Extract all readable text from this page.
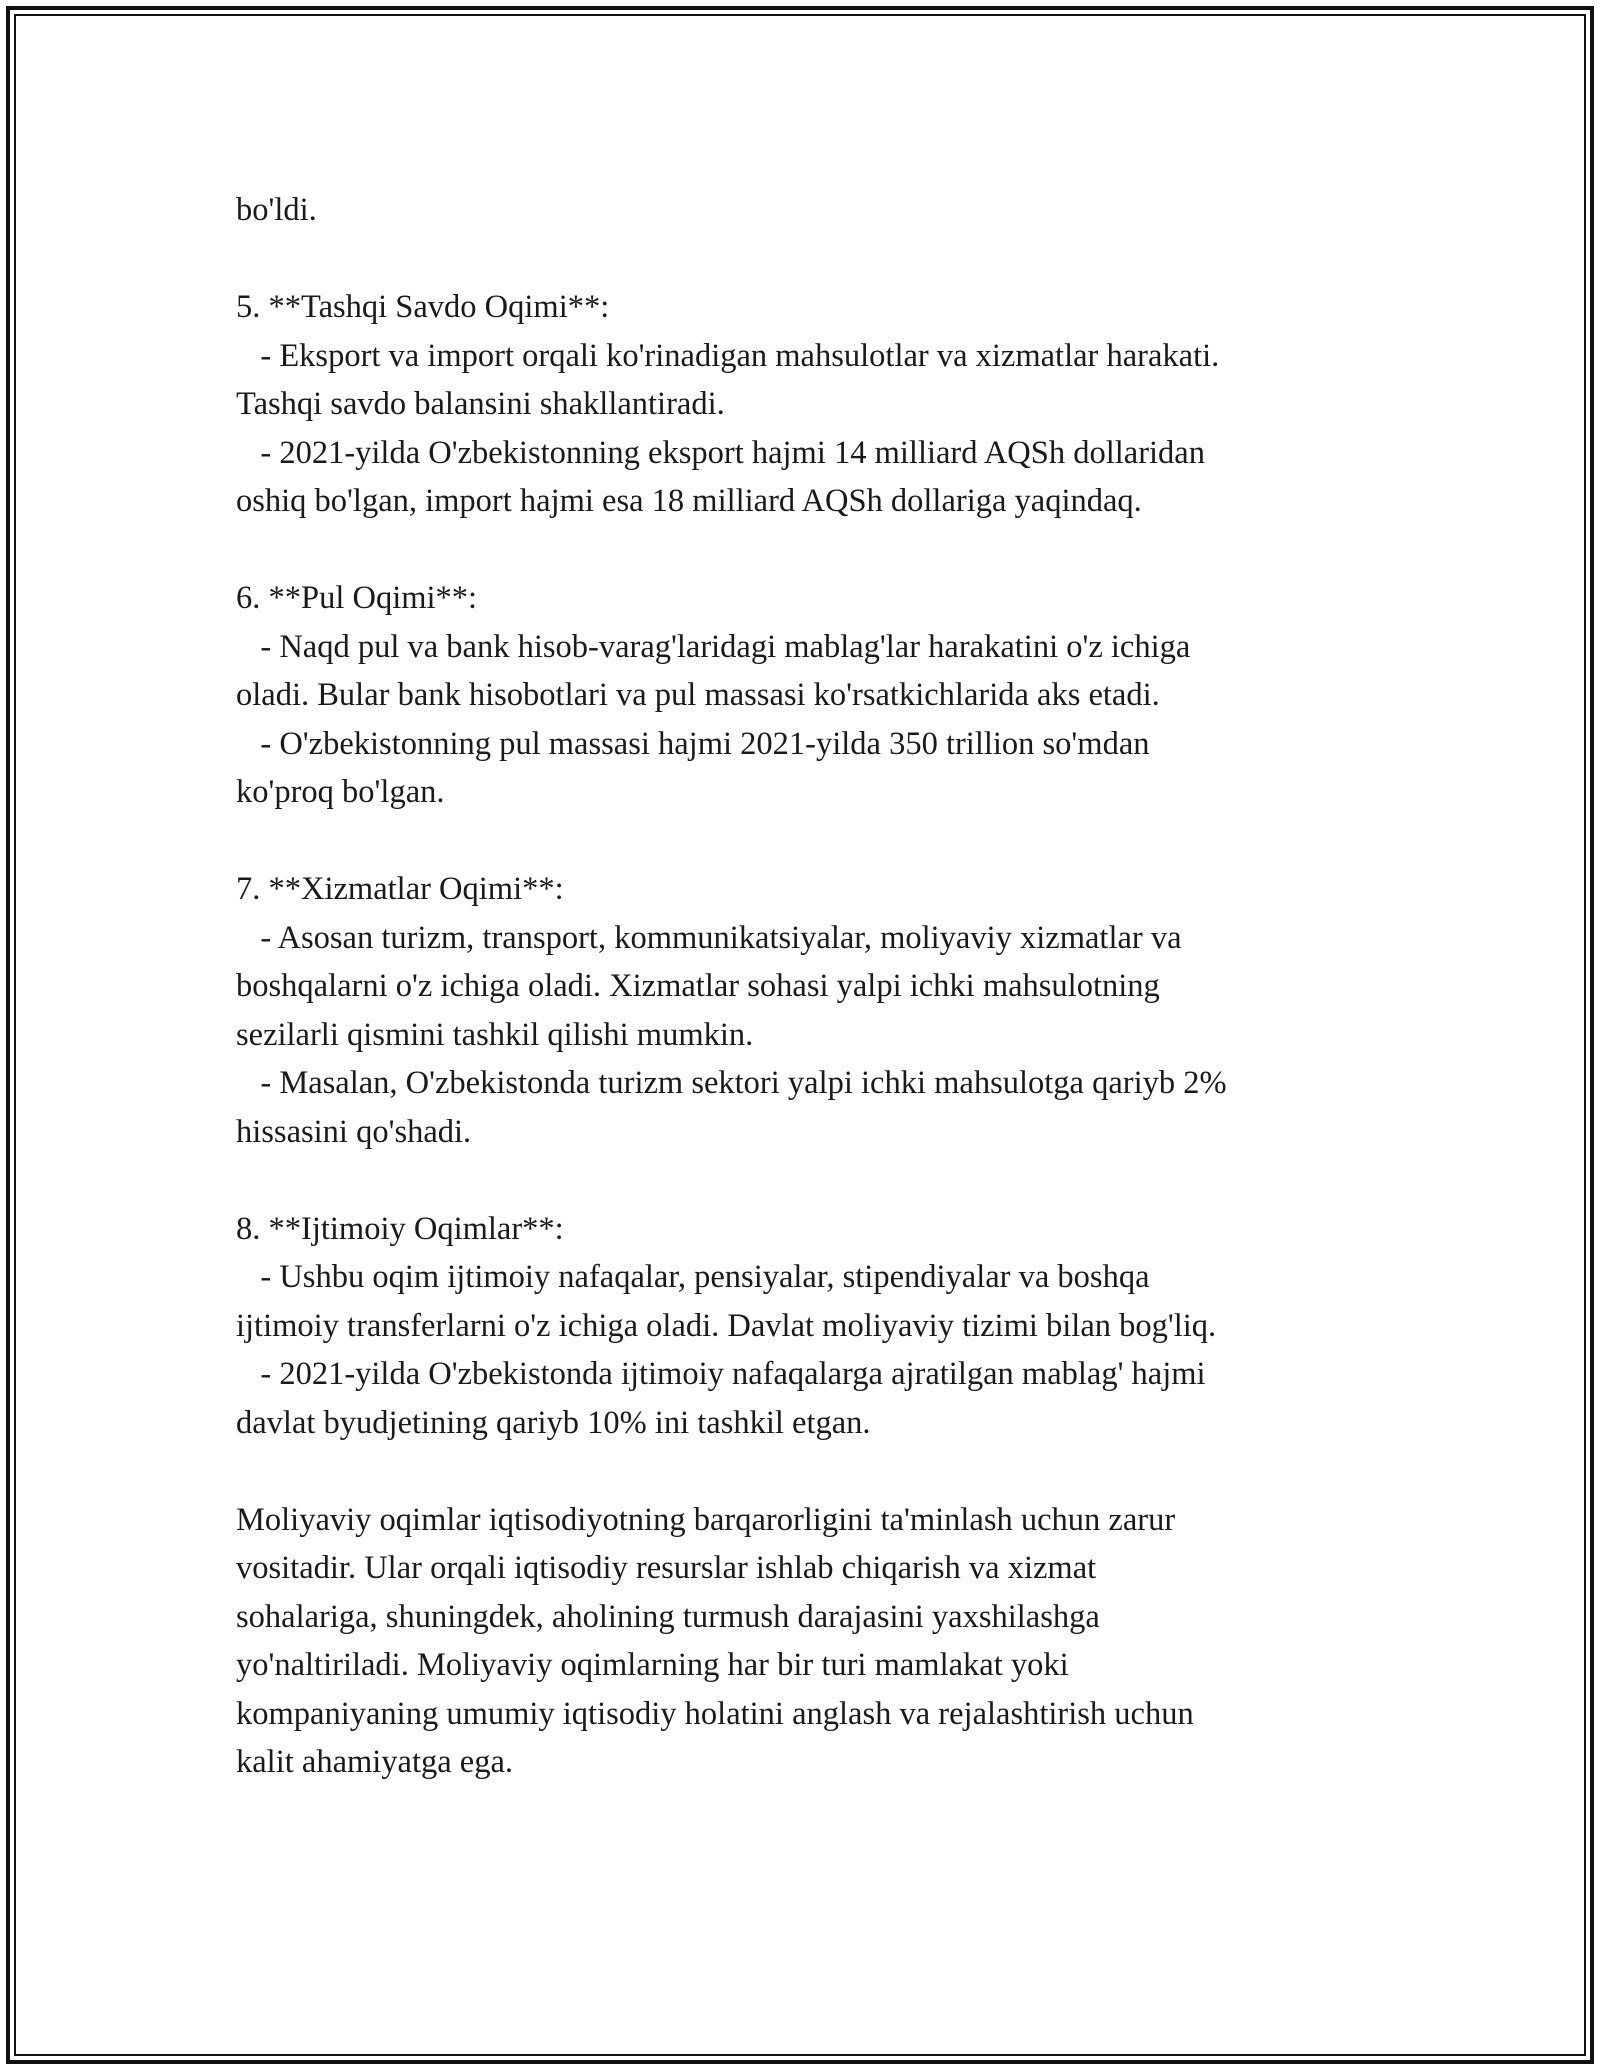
bo'ldi.
5. **Tashqi Savdo Oqimi**:
- Eksport va import orqali ko'rinadigan mahsulotlar va xizmatlar harakati.
Tashqi savdo balansini shakllantiradi.
- 2021-yilda O'zbekistonning eksport hajmi 14 milliard AQSh dollaridan
oshiq bo'lgan, import hajmi esa 18 milliard AQSh dollariga yaqindaq.
6. **Pul Oqimi**:
- Naqd pul va bank hisob-varag'laridagi mablag'lar harakatini o'z ichiga
oladi. Bular bank hisobotlari va pul massasi ko'rsatkichlarida aks etadi.
- O'zbekistonning pul massasi hajmi 2021-yilda 350 trillion so'mdan
ko'proq bo'lgan.
7. **Xizmatlar Oqimi**:
- Asosan turizm, transport, kommunikatsiyalar, moliyaviy xizmatlar va
boshqalarni o'z ichiga oladi. Xizmatlar sohasi yalpi ichki mahsulotning
sezilarli qismini tashkil qilishi mumkin.
- Masalan, O'zbekistonda turizm sektori yalpi ichki mahsulotga qariyb 2%
hissasini qo'shadi.
8. **Ijtimoiy Oqimlar**:
- Ushbu oqim ijtimoiy nafaqalar, pensiyalar, stipendiyalar va boshqa
ijtimoiy transferlarni o'z ichiga oladi. Davlat moliyaviy tizimi bilan bog'liq.
- 2021-yilda O'zbekistonda ijtimoiy nafaqalarga ajratilgan mablag' hajmi
davlat byudjetining qariyb 10% ini tashkil etgan.
Moliyaviy oqimlar iqtisodiyotning barqarorligini ta'minlash uchun zarur
vositadir. Ular orqali iqtisodiy resurslar ishlab chiqarish va xizmat
sohalariga, shuningdek, aholining turmush darajasini yaxshilashga
yo'naltiriladi. Moliyaviy oqimlarning har bir turi mamlakat yoki
kompaniyaning umumiy iqtisodiy holatini anglash va rejalashtirish uchun
kalit ahamiyatga ega.
